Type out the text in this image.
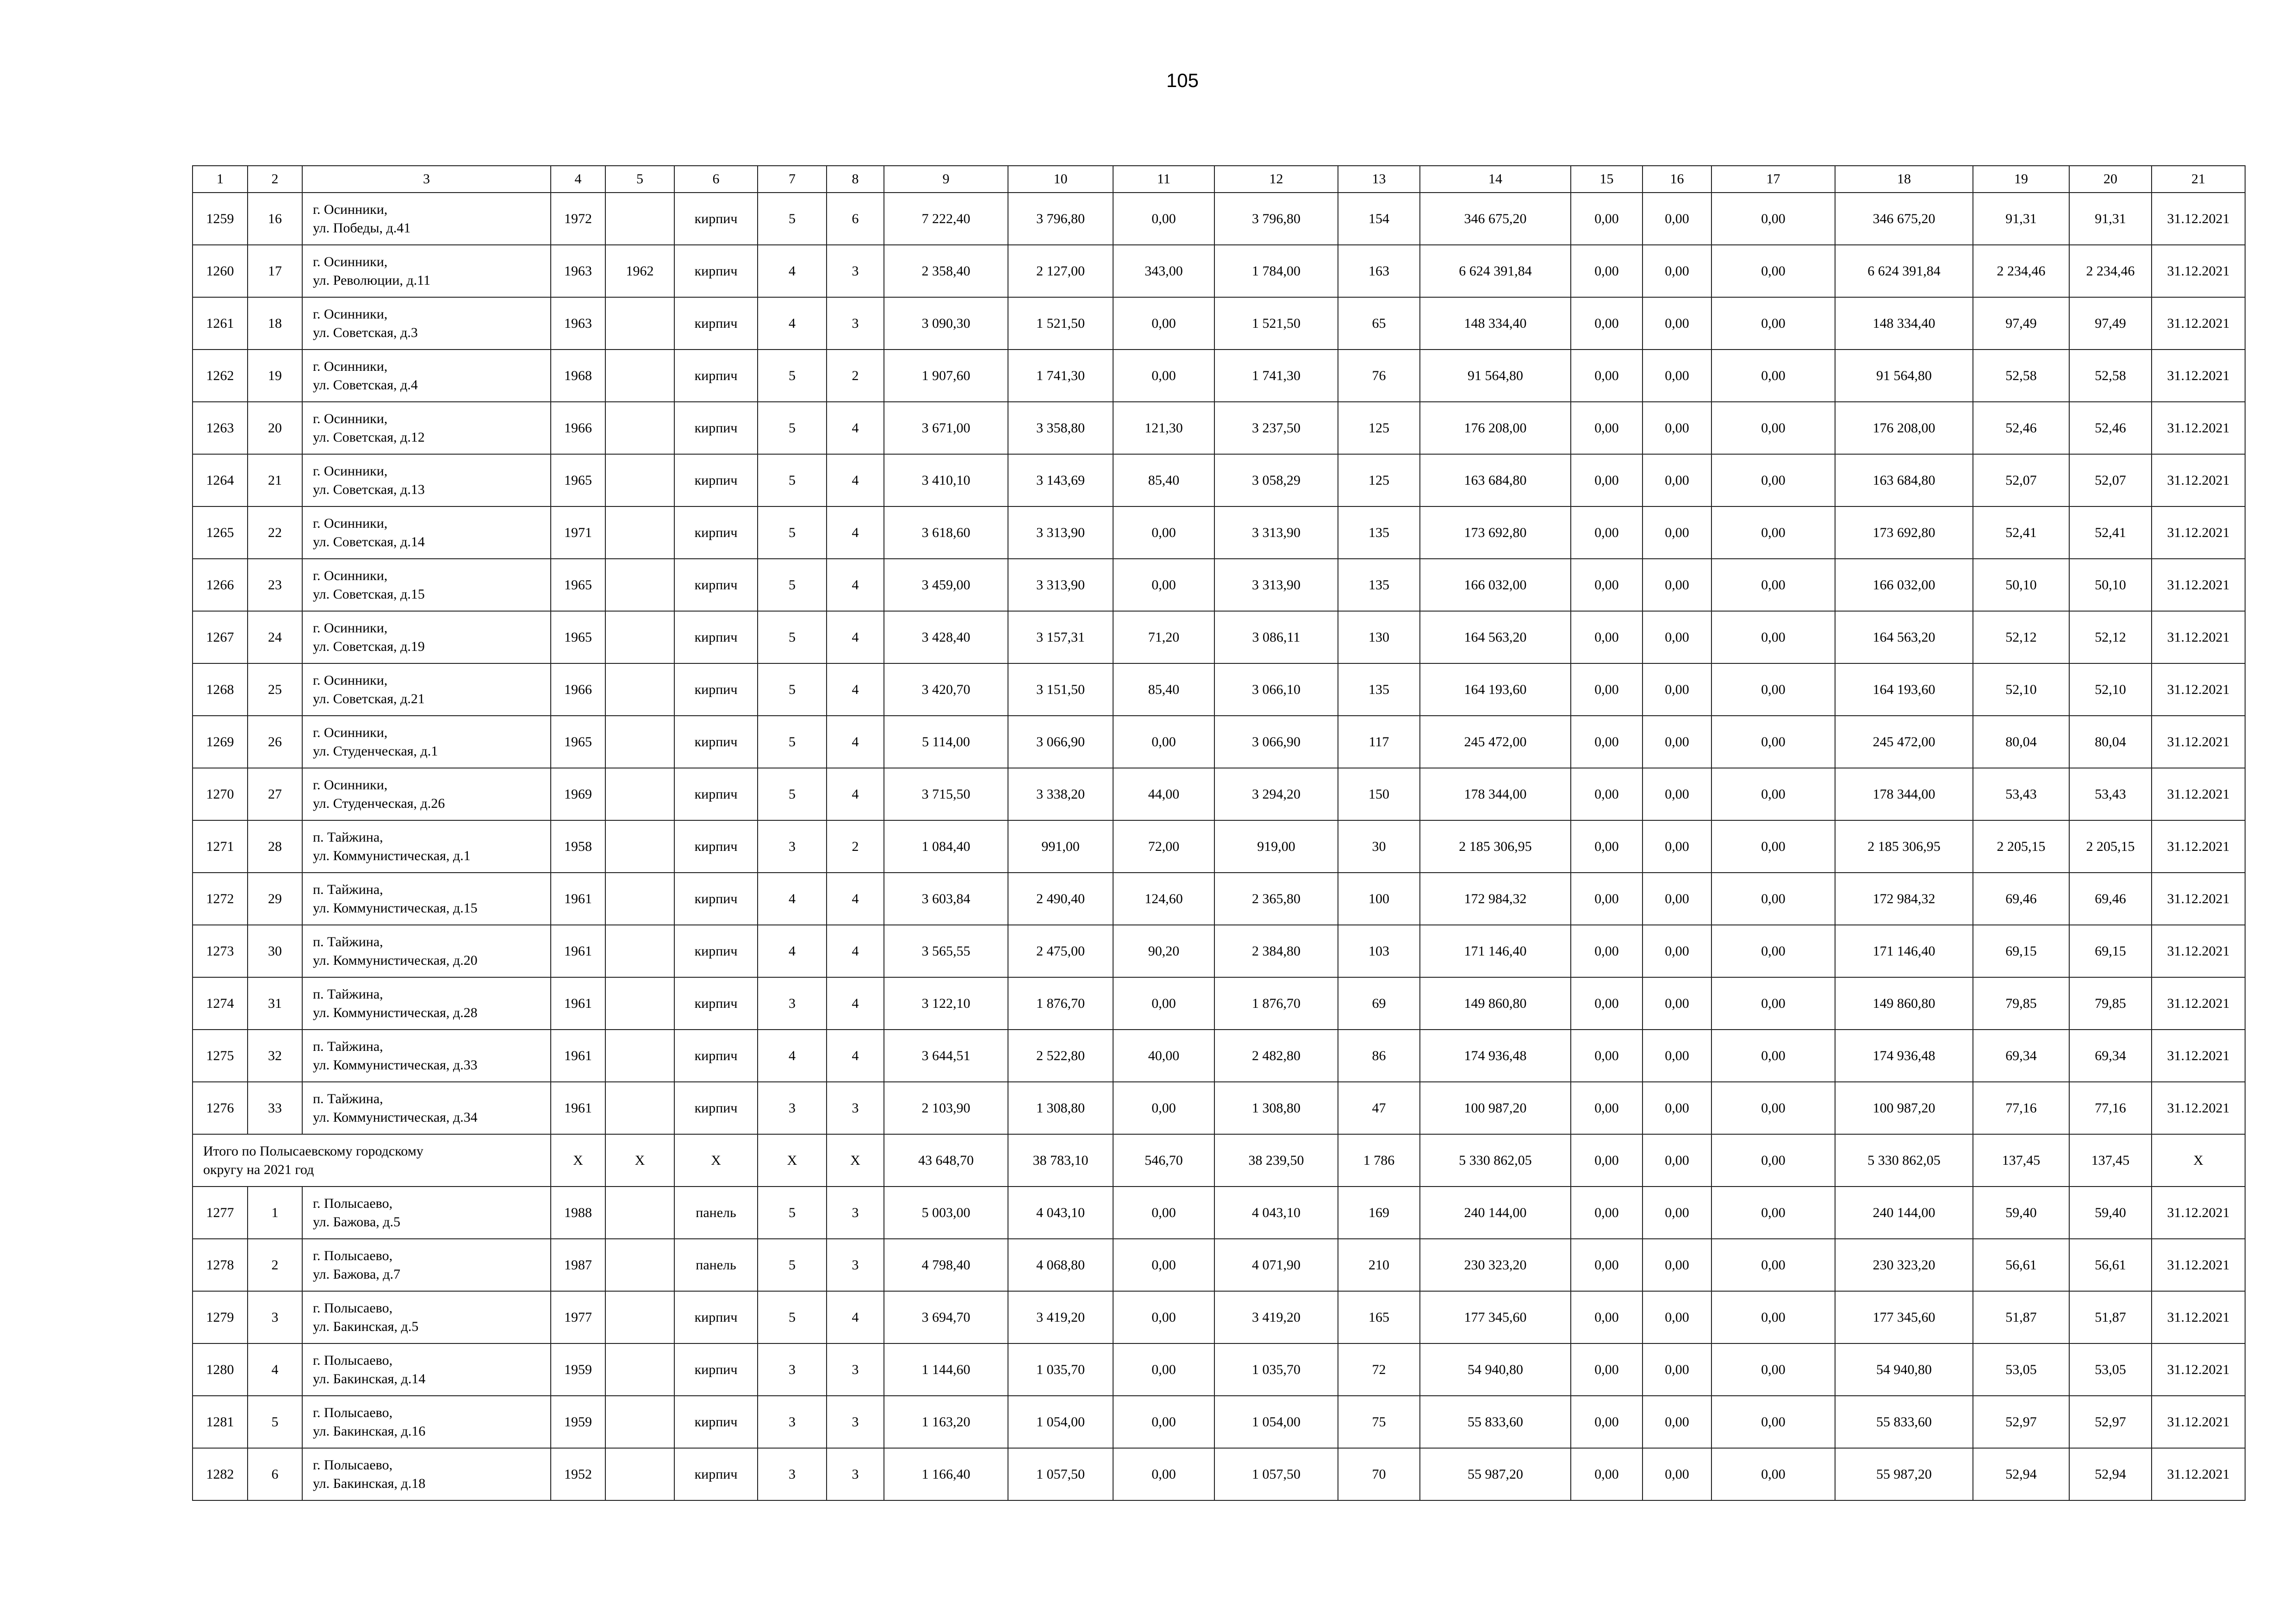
105
1	2	3	4	5	6	7	8	9	10	11	12	13	14	15	16	17	18	19	20	21
1259	16	г. Осинники,
ул. Победы, д.41	1972		кирпич	5	6	7 222,40	3 796,80	0,00	3 796,80	154	346 675,20	0,00	0,00	0,00	346 675,20	91,31	91,31	31.12.2021
1260	17	г. Осинники,
ул. Революции, д.11	1963	1962	кирпич	4	3	2 358,40	2 127,00	343,00	1 784,00	163	6 624 391,84	0,00	0,00	0,00	6 624 391,84	2 234,46	2 234,46	31.12.2021
1261	18	г. Осинники,
ул. Советская, д.3	1963		кирпич	4	3	3 090,30	1 521,50	0,00	1 521,50	65	148 334,40	0,00	0,00	0,00	148 334,40	97,49	97,49	31.12.2021
1262	19	г. Осинники,
ул. Советская, д.4	1968		кирпич	5	2	1 907,60	1 741,30	0,00	1 741,30	76	91 564,80	0,00	0,00	0,00	91 564,80	52,58	52,58	31.12.2021
1263	20	г. Осинники,
ул. Советская, д.12	1966		кирпич	5	4	3 671,00	3 358,80	121,30	3 237,50	125	176 208,00	0,00	0,00	0,00	176 208,00	52,46	52,46	31.12.2021
1264	21	г. Осинники,
ул. Советская, д.13	1965		кирпич	5	4	3 410,10	3 143,69	85,40	3 058,29	125	163 684,80	0,00	0,00	0,00	163 684,80	52,07	52,07	31.12.2021
1265	22	г. Осинники,
ул. Советская, д.14	1971		кирпич	5	4	3 618,60	3 313,90	0,00	3 313,90	135	173 692,80	0,00	0,00	0,00	173 692,80	52,41	52,41	31.12.2021
1266	23	г. Осинники,
ул. Советская, д.15	1965		кирпич	5	4	3 459,00	3 313,90	0,00	3 313,90	135	166 032,00	0,00	0,00	0,00	166 032,00	50,10	50,10	31.12.2021
1267	24	г. Осинники,
ул. Советская, д.19	1965		кирпич	5	4	3 428,40	3 157,31	71,20	3 086,11	130	164 563,20	0,00	0,00	0,00	164 563,20	52,12	52,12	31.12.2021
1268	25	г. Осинники,
ул. Советская, д.21	1966		кирпич	5	4	3 420,70	3 151,50	85,40	3 066,10	135	164 193,60	0,00	0,00	0,00	164 193,60	52,10	52,10	31.12.2021
1269	26	г. Осинники,
ул. Студенческая, д.1	1965		кирпич	5	4	5 114,00	3 066,90	0,00	3 066,90	117	245 472,00	0,00	0,00	0,00	245 472,00	80,04	80,04	31.12.2021
1270	27	г. Осинники,
ул. Студенческая, д.26	1969		кирпич	5	4	3 715,50	3 338,20	44,00	3 294,20	150	178 344,00	0,00	0,00	0,00	178 344,00	53,43	53,43	31.12.2021
1271	28	п. Тайжина,
ул. Коммунистическая, д.1	1958		кирпич	3	2	1 084,40	991,00	72,00	919,00	30	2 185 306,95	0,00	0,00	0,00	2 185 306,95	2 205,15	2 205,15	31.12.2021
1272	29	п. Тайжина,
ул. Коммунистическая, д.15	1961		кирпич	4	4	3 603,84	2 490,40	124,60	2 365,80	100	172 984,32	0,00	0,00	0,00	172 984,32	69,46	69,46	31.12.2021
1273	30	п. Тайжина,
ул. Коммунистическая, д.20	1961		кирпич	4	4	3 565,55	2 475,00	90,20	2 384,80	103	171 146,40	0,00	0,00	0,00	171 146,40	69,15	69,15	31.12.2021
1274	31	п. Тайжина,
ул. Коммунистическая, д.28	1961		кирпич	3	4	3 122,10	1 876,70	0,00	1 876,70	69	149 860,80	0,00	0,00	0,00	149 860,80	79,85	79,85	31.12.2021
1275	32	п. Тайжина,
ул. Коммунистическая, д.33	1961		кирпич	4	4	3 644,51	2 522,80	40,00	2 482,80	86	174 936,48	0,00	0,00	0,00	174 936,48	69,34	69,34	31.12.2021
1276	33	п. Тайжина,
ул. Коммунистическая, д.34	1961		кирпич	3	3	2 103,90	1 308,80	0,00	1 308,80	47	100 987,20	0,00	0,00	0,00	100 987,20	77,16	77,16	31.12.2021

Итого по Полысаевскому городскому
округу на 2021 год			X	X	X	X	X	43 648,70	38 783,10	546,70	38 239,50	1 786	5 330 862,05	0,00	0,00	0,00	5 330 862,05	137,45	137,45	X
1277	1	г. Полысаево,
ул. Бажова, д.5	1988		панель	5	3	5 003,00	4 043,10	0,00	4 043,10	169	240 144,00	0,00	0,00	0,00	240 144,00	59,40	59,40	31.12.2021
1278	2	г. Полысаево,
ул. Бажова, д.7	1987		панель	5	3	4 798,40	4 068,80	0,00	4 071,90	210	230 323,20	0,00	0,00	0,00	230 323,20	56,61	56,61	31.12.2021
1279	3	г. Полысаево,
ул. Бакинская, д.5	1977		кирпич	5	4	3 694,70	3 419,20	0,00	3 419,20	165	177 345,60	0,00	0,00	0,00	177 345,60	51,87	51,87	31.12.2021
1280	4	г. Полысаево,
ул. Бакинская, д.14	1959		кирпич	3	3	1 144,60	1 035,70	0,00	1 035,70	72	54 940,80	0,00	0,00	0,00	54 940,80	53,05	53,05	31.12.2021
1281	5	г. Полысаево,
ул. Бакинская, д.16	1959		кирпич	3	3	1 163,20	1 054,00	0,00	1 054,00	75	55 833,60	0,00	0,00	0,00	55 833,60	52,97	52,97	31.12.2021
1282	6	г. Полысаево,
ул. Бакинская, д.18	1952		кирпич	3	3	1 166,40	1 057,50	0,00	1 057,50	70	55 987,20	0,00	0,00	0,00	55 987,20	52,94	52,94	31.12.2021
